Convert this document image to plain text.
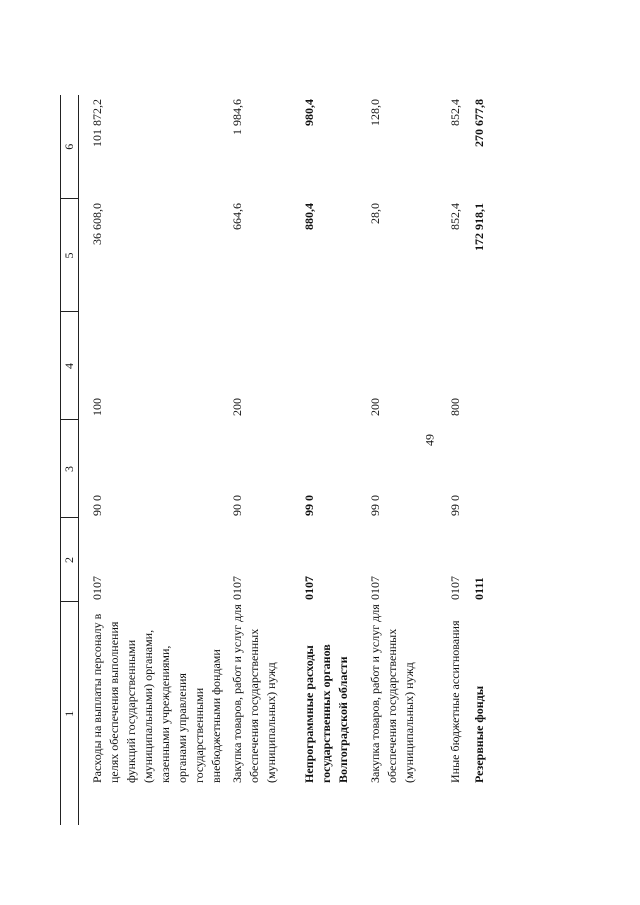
49
1	2	3	4	5	6
Расходы на выплаты персоналу в целях обеспечения выполнения функций государственными (муниципальными) органами, казенными учреждениями, органами управления государственными внебюджетными фондами	0107	90 0	100	36 608,0	101 872,2
Закупка товаров, работ и услуг для обеспечения государственных (муниципальных) нужд	0107	90 0	200	664,6	1 984,6
Непрограммные расходы государственных органов Волгоградской области	0107	99 0		880,4	980,4
Закупка товаров, работ и услуг для обеспечения государственных (муниципальных) нужд	0107	99 0	200	28,0	128,0
Иные бюджетные ассигнования	0107	99 0	800	852,4	852,4
Резервные фонды	0111			172 918,1	270 677,8
